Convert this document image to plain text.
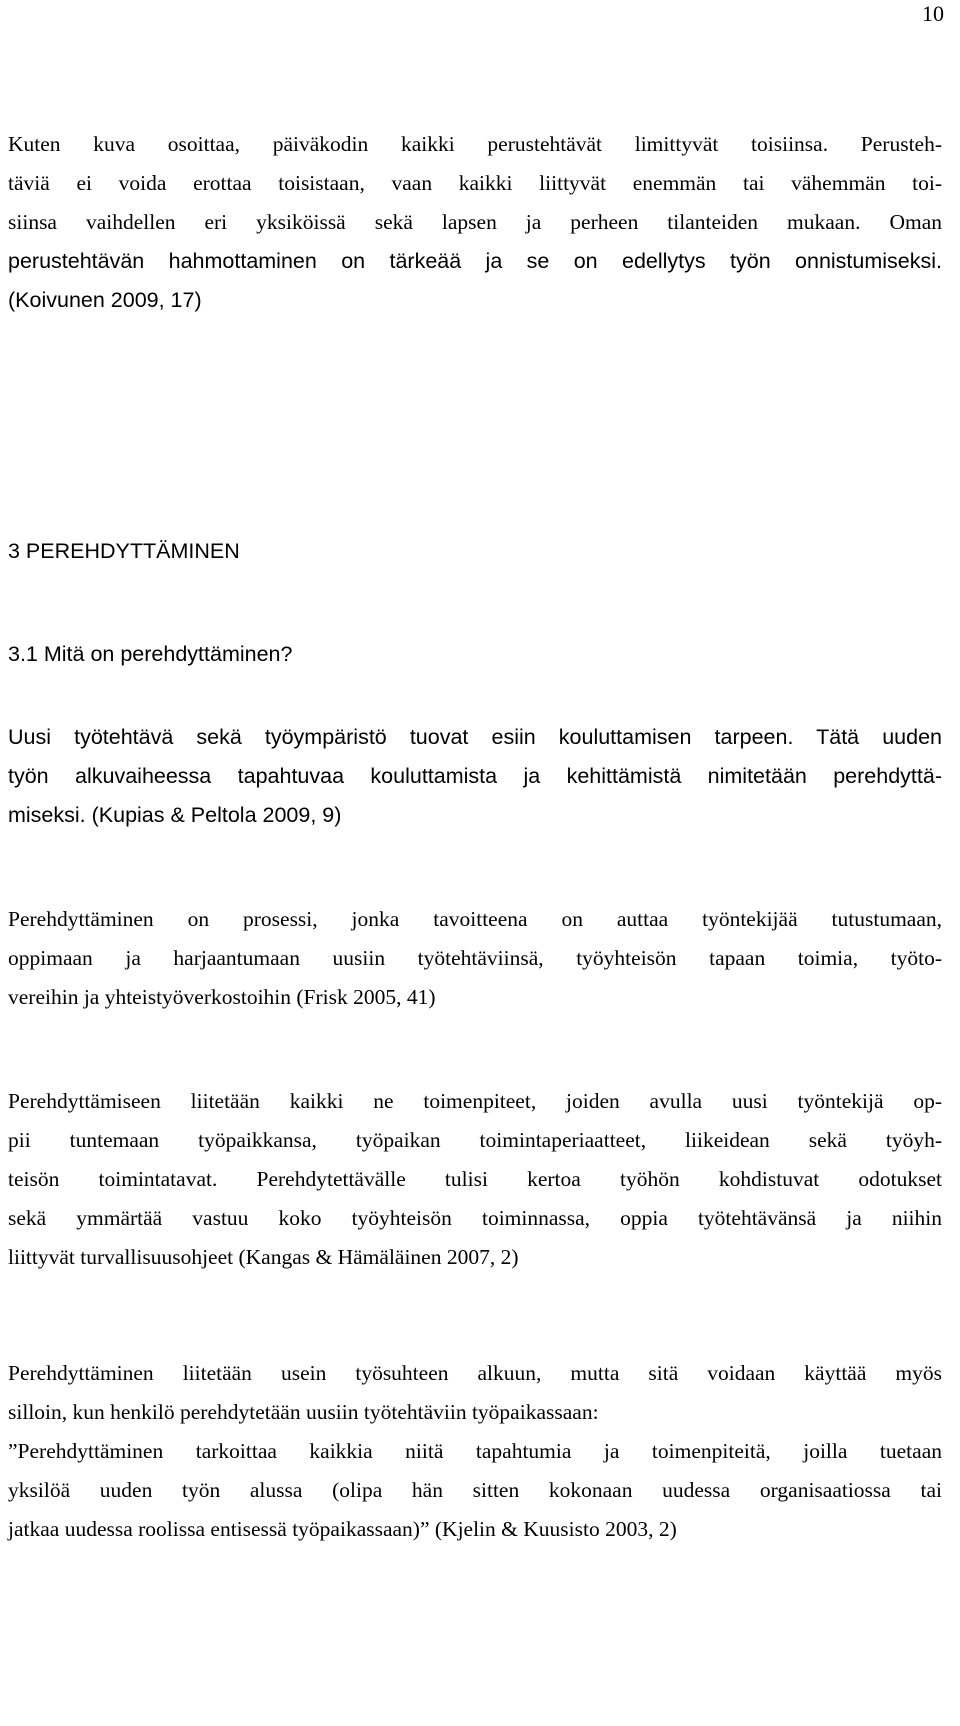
10
Kuten kuva osoittaa, päiväkodin kaikki perustehtävät limittyvät toisiinsa. Perusteh-
täviä ei voida erottaa toisistaan, vaan kaikki liittyvät enemmän tai vähemmän toi-
siinsa vaihdellen eri yksiköissä sekä lapsen ja perheen tilanteiden mukaan. Oman
perustehtävän hahmottaminen on tärkeää ja se on edellytys työn onnistumiseksi.
(Koivunen 2009, 17)
3 PEREHDYTTÄMINEN
3.1 Mitä on perehdyttäminen?
Uusi työtehtävä sekä työympäristö tuovat esiin kouluttamisen tarpeen. Tätä uuden
työn alkuvaiheessa tapahtuvaa kouluttamista ja kehittämistä nimitetään perehdyttä-
miseksi. (Kupias & Peltola 2009, 9)
Perehdyttäminen on prosessi, jonka tavoitteena on auttaa työntekijää tutustumaan,
oppimaan ja harjaantumaan uusiin työtehtäviinsä, työyhteisön tapaan toimia, työto-
vereihin ja yhteistyöverkostoihin (Frisk 2005, 41)
Perehdyttämiseen liitetään kaikki ne toimenpiteet, joiden avulla uusi työntekijä op-
pii tuntemaan työpaikkansa, työpaikan toimintaperiaatteet, liikeidean sekä työyh-
teisön toimintatavat. Perehdytettävälle tulisi kertoa työhön kohdistuvat odotukset
sekä ymmärtää vastuu koko työyhteisön toiminnassa, oppia työtehtävänsä ja niihin
liittyvät turvallisuusohjeet (Kangas & Hämäläinen 2007, 2)
Perehdyttäminen liitetään usein työsuhteen alkuun, mutta sitä voidaan käyttää myös
silloin, kun henkilö perehdytetään uusiin työtehtäviin työpaikassaan:
”Perehdyttäminen tarkoittaa kaikkia niitä tapahtumia ja toimenpiteitä, joilla tuetaan
yksilöä uuden työn alussa (olipa hän sitten kokonaan uudessa organisaatiossa tai
jatkaa uudessa roolissa entisessä työpaikassaan)” (Kjelin & Kuusisto 2003, 2)
